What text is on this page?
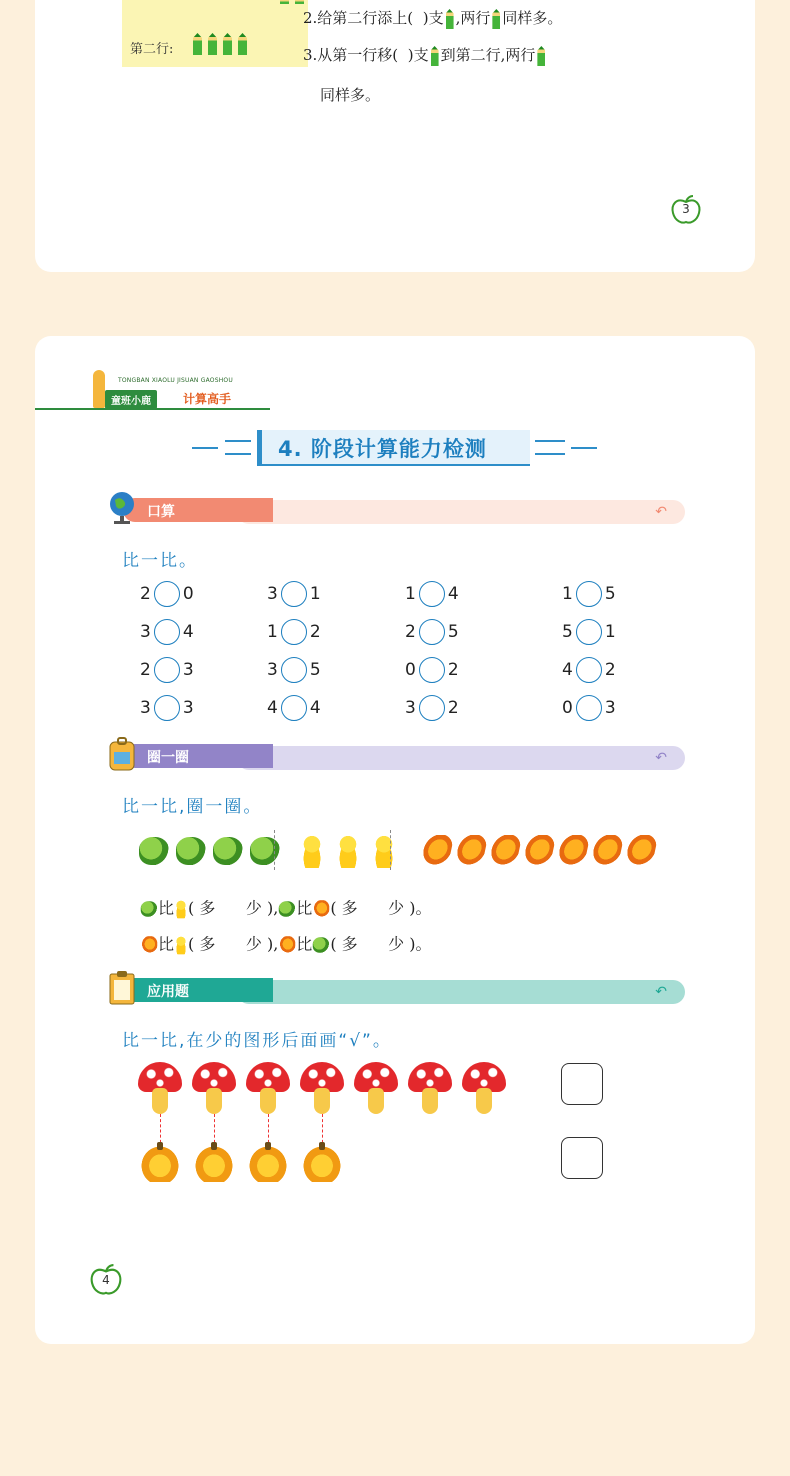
第二行:
2.给第二行添上( )支 ,两行 同样多。
3.从第一行移( )支 到第二行,两行
同样多。
3
TONGBAN XIAOLU JISUAN GAOSHOU
童班小鹿	计算高手
4. 阶段计算能力检测
口算	↶
比一比。
2 0	3 1	1 4	1 5
3 4	1 2	2 5	5 1
2 3	3 5	0 2	4 2
3 3	4 4	3 2	0 3
圈一圈	↶
比一比,圈一圈。
比 ( 多 少 ), 比 ( 多 少 )。
比 ( 多 少 ), 比 ( 多 少 )。
应用题	↶
比一比,在少的图形后面画“√”。
4
